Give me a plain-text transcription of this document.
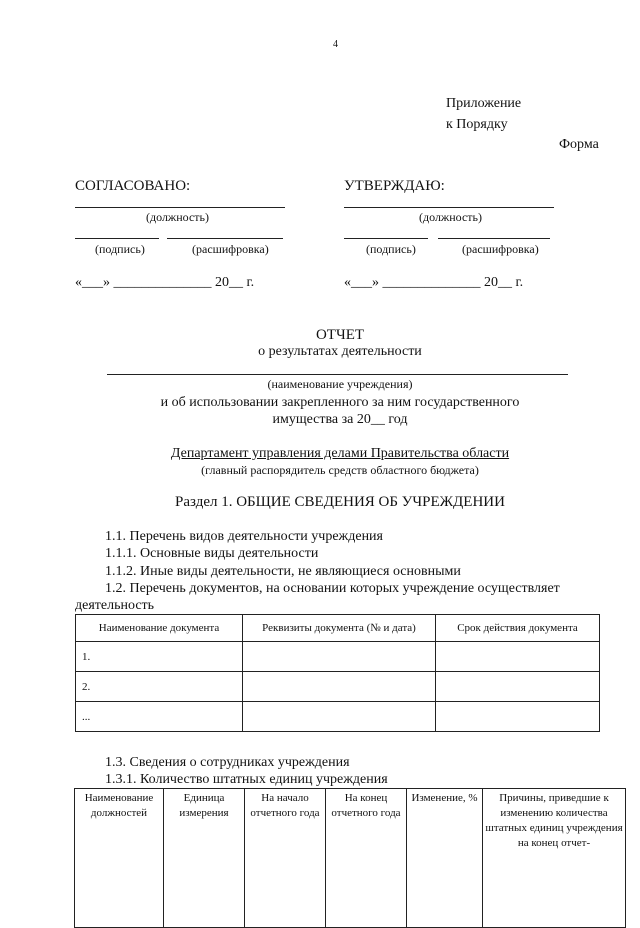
4
Приложение
к Порядку
Форма
СОГЛАСОВАНО:
(должность)
(подпись)	(расшифровка)
«___» ______________ 20__ г.
УТВЕРЖДАЮ:
(должность)
(подпись)	(расшифровка)
«___» ______________ 20__ г.
ОТЧЕТ
о результатах деятельности
(наименование учреждения)
и об использовании закрепленного за ним государственного
имущества за 20__ год
Департамент управления делами Правительства области
(главный распорядитель средств областного бюджета)
Раздел 1. ОБЩИЕ СВЕДЕНИЯ ОБ УЧРЕЖДЕНИИ
1.1. Перечень видов деятельности учреждения
1.1.1. Основные виды деятельности
1.1.2. Иные виды деятельности, не являющиеся основными
1.2. Перечень документов, на основании которых учреждение осуществляет
деятельность
Наименование документа	Реквизиты документа (№ и дата)	Срок действия документа
1.		
2.		
...		
1.3. Сведения о сотрудниках учреждения
1.3.1. Количество штатных единиц учреждения
Наименование должностей	Единица измерения	На начало отчетного года	На конец отчетного года	Изменение, %	Причины, приведшие к изменению количества штатных единиц учреждения на конец отчет-
